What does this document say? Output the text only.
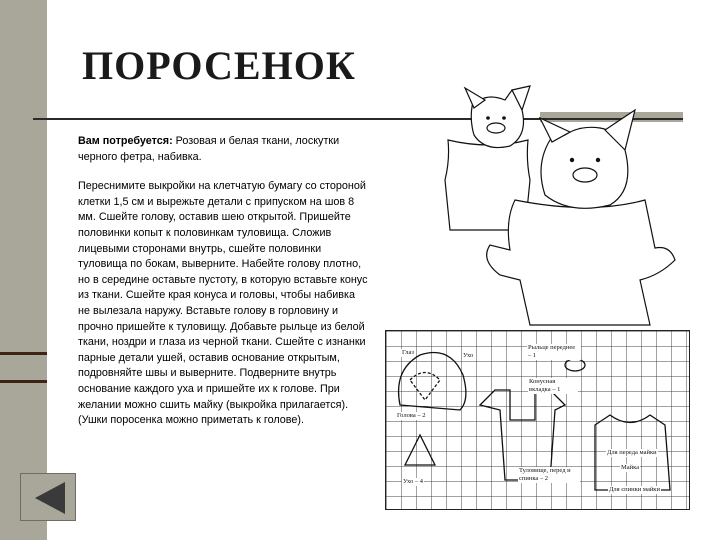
ПОРОСЕНОК

Вам потребуется: Розовая и белая ткани, лоскутки черного фетра, набивка.

Переснимите выкройки на клетчатую бумагу со стороной клетки 1,5 см и вырежьте детали с припуском на шов 8 мм. Сшейте голову, оставив шею открытой. Пришейте половинки копыт к половинкам туловища. Сложив лицевыми сторонами внутрь, сшейте половинки туловища по бокам, выверните. Набейте голову плотно, но в середине оставьте пустоту, в которую вставьте конус из ткани. Сшейте края конуса и головы, чтобы набивка не вылезала наружу. Вставьте голову в горловину и прочно пришейте к туловищу. Добавьте рыльце из белой ткани, ноздри и глаза из черной ткани. Сшейте с изнанки парные детали ушей, оставив основание открытым, подровняйте швы и выверните. Подверните внутрь основание каждого уха и пришейте их к голове. При желании можно сшить майку (выкройка прилагается).

(Ушки поросенка можно приметать к голове).

Глаз	Ухо
Рыльце переднее – 1
Голова – 2
Конусная вкладка – 1
Ухо – 4
Туловище, перед и спинка – 2
Майка
Для переда майки
Для спинки майки
